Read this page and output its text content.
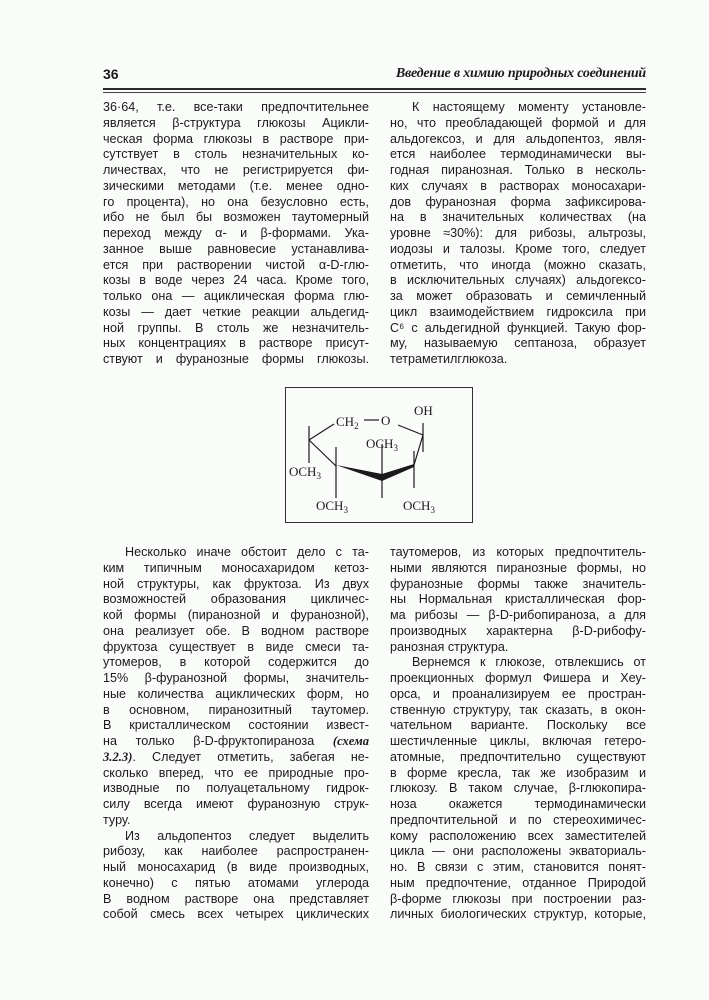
36	Введение в химию природных соединений
36·64, т.е. все-таки предпочтительнее
является β-структура глюкозы Ацикли-
ческая форма глюкозы в растворе при-
сутствует в столь незначительных ко-
личествах, что не регистрируется фи-
зическими методами (т.е. менее одно-
го процента), но она безусловно есть,
ибо не был бы возможен таутомерный
переход между α- и β-формами. Ука-
занное выше равновесие устанавлива-
ется при растворении чистой α-D-глю-
козы в воде через 24 часа. Кроме того,
только она — ациклическая форма глю-
козы — дает четкие реакции альдегид-
ной группы. В столь же незначитель-
ных концентрациях в растворе присут-
ствуют и фуранозные формы глюкозы.
К настоящему моменту установле-
но, что преобладающей формой и для
альдогексоз, и для альдопентоз, явля-
ется наиболее термодинамически вы-
годная пиранозная. Только в несколь-
ких случаях в растворах моносахари-
дов фуранозная форма зафиксирова-
на в значительных количествах (на
уровне ≈30%): для рибозы, альтрозы,
иодозы и талозы. Кроме того, следует
отметить, что иногда (можно сказать,
в исключительных случаях) альдогексо-
за может образовать и семичленный
цикл взаимодействием гидроксила при
C⁶ с альдегидной функцией. Такую фор-
му, называемую септаноза, образует
тетраметилглюкоза.
$CH_2$ O
OH
$OCH_3$
$OCH_3$
$OCH_3$	$OCH_3$
Несколько иначе обстоит дело с та-
ким типичным моносахаридом кетоз-
ной структуры, как фруктоза. Из двух
возможностей образования цикличес-
кой формы (пиранозной и фуранозной),
она реализует обе. В водном растворе
фруктоза существует в виде смеси та-
утомеров, в которой содержится до
15% β-фуранозной формы, значитель-
ные количества ациклических форм, но
в основном, пиранозитный таутомер.
В кристаллическом состоянии извест-
на только β-D-фруктопираноза (схема
3.2.3). Следует отметить, забегая не-
сколько вперед, что ее природные про-
изводные по полуацетальному гидрок-
силу всегда имеют фуранозную струк-
туру.
Из альдопентоз следует выделить
рибозу, как наиболее распространен-
ный моносахарид (в виде производных,
конечно) с пятью атомами углерода
В водном растворе она представляет
собой смесь всех четырех циклических
таутомеров, из которых предпочтитель-
ными являются пиранозные формы, но
фуранозные формы также значитель-
ны Нормальная кристаллическая фор-
ма рибозы — β-D-рибопираноза, а для
производных характерна β-D-рибофу-
ранозная структура.
Вернемся к глюкозе, отвлекшись от
проекционных формул Фишера и Хеу-
орса, и проанализируем ее простран-
ственную структуру, так сказать, в окон-
чательном варианте. Поскольку все
шестичленные циклы, включая гетеро-
атомные, предпочтительно существуют
в форме кресла, так же изобразим и
глюкозу. В таком случае, β-глюкопира-
ноза окажется термодинамически
предпочтительной и по стереохимичес-
кому расположению всех заместителей
цикла — они расположены экваториаль-
но. В связи с этим, становится понят-
ным предпочтение, отданное Природой
β-форме глюкозы при построении раз-
личных биологических структур, которые,
